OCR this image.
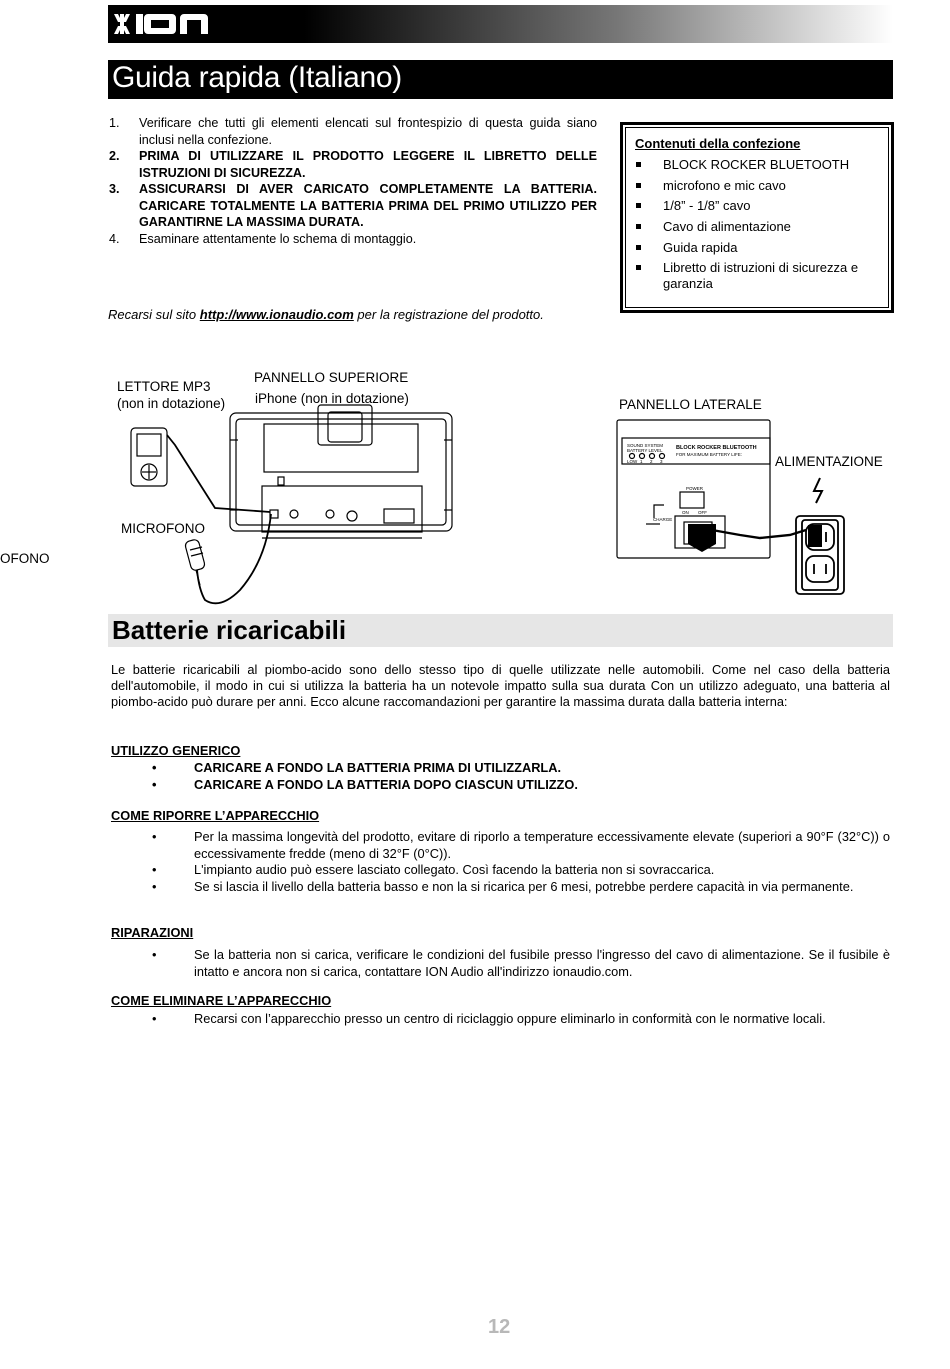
Guida rapida (Italiano)
1. Verificare che tutti gli elementi elencati sul frontespizio di questa guida siano inclusi nella confezione.
2. PRIMA DI UTILIZZARE IL PRODOTTO LEGGERE IL LIBRETTO DELLE ISTRUZIONI DI SICUREZZA.
3. ASSICURARSI DI AVER CARICATO COMPLETAMENTE LA BATTERIA. CARICARE TOTALMENTE LA BATTERIA PRIMA DEL PRIMO UTILIZZO PER GARANTIRNE LA MASSIMA DURATA.
4. Esaminare attentamente lo schema di montaggio.
Contenuti della confezione
BLOCK ROCKER BLUETOOTH
microfono e mic cavo
1/8” - 1/8” cavo
Cavo di alimentazione
Guida rapida
Libretto di istruzioni di sicurezza e garanzia
Recarsi sul sito http://www.ionaudio.com per la registrazione del prodotto.
LETTORE MP3
(non in dotazione)
PANNELLO SUPERIORE
iPhone (non in dotazione)	PANNELLO LATERALE
ALIMENTAZIONE
MICROFONO
OFONO
SOUND SYSTEM
BATTERY LEVEL
LOW 1 2 3
BLOCK ROCKER BLUETOOTH
FOR MAXIMUM BATTERY LIFE:
POWER
ON OFF
CHARGE
Batterie ricaricabili
Le batterie ricaricabili al piombo-acido sono dello stesso tipo di quelle utilizzate nelle automobili. Come nel caso della batteria dell'automobile, il modo in cui si utilizza la batteria ha un notevole impatto sulla sua durata Con un utilizzo adeguato, una batteria al piombo-acido può durare per anni. Ecco alcune raccomandazioni per garantire la massima durata dalla batteria interna:
UTILIZZO GENERICO
•	CARICARE A FONDO LA BATTERIA PRIMA DI UTILIZZARLA.
•	CARICARE A FONDO LA BATTERIA DOPO CIASCUN UTILIZZO.
COME RIPORRE L’APPARECCHIO
•	Per la massima longevità del prodotto, evitare di riporlo a temperature eccessivamente elevate (superiori a 90°F (32°C)) o eccessivamente fredde (meno di 32°F (0°C)).
•	L'impianto audio può essere lasciato collegato. Così facendo la batteria non si sovraccarica.
•	Se si lascia il livello della batteria basso e non la si ricarica per 6 mesi, potrebbe perdere capacità in via permanente.
RIPARAZIONI
•	Se la batteria non si carica, verificare le condizioni del fusibile presso l'ingresso del cavo di alimentazione. Se il fusibile è intatto e ancora non si carica, contattare ION Audio all'indirizzo ionaudio.com.
COME ELIMINARE L’APPARECCHIO
•	Recarsi con l’apparecchio presso un centro di riciclaggio oppure eliminarlo in conformità con le normative locali.
12
